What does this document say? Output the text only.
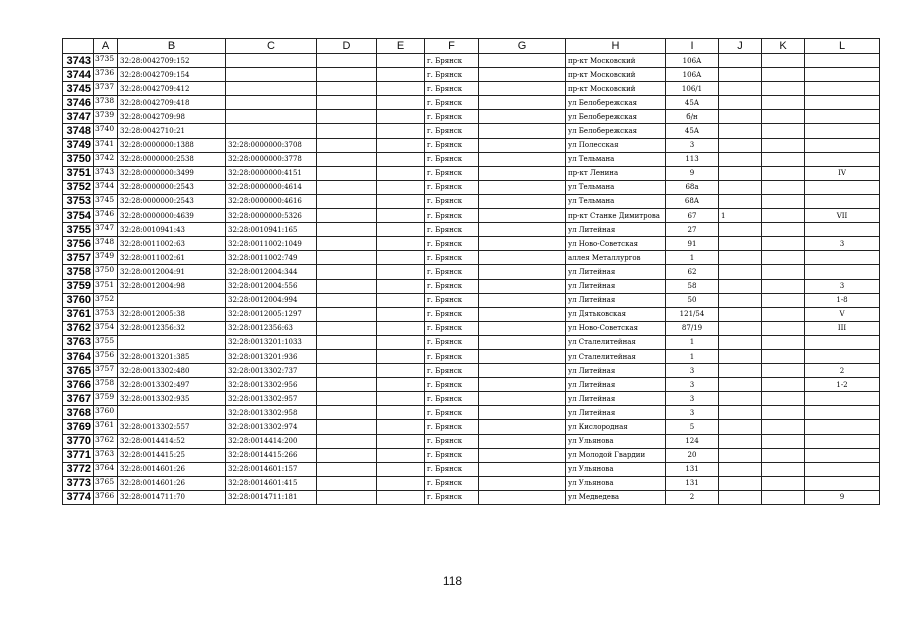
	A	B	C	D	E	F	G	H	I	J	K	L
3743	3735	32:28:0042709:152				г. Брянск		пр-кт Московский	106А			
3744	3736	32:28:0042709:154				г. Брянск		пр-кт Московский	106А			
3745	3737	32:28:0042709:412				г. Брянск		пр-кт Московский	106/1			
3746	3738	32:28:0042709:418				г. Брянск		ул Белобережская	45А			
3747	3739	32:28:0042709:98				г. Брянск		ул Белобережская	б/н			
3748	3740	32:28:0042710:21				г. Брянск		ул Белобережская	45А			
3749	3741	32:28:0000000:1388	32:28:0000000:3708			г. Брянск		ул Полесская	3			
3750	3742	32:28:0000000:2538	32:28:0000000:3778			г. Брянск		ул Тельмана	113			
3751	3743	32:28:0000000:3499	32:28:0000000:4151			г. Брянск		пр-кт Ленина	9			IV
3752	3744	32:28:0000000:2543	32:28:0000000:4614			г. Брянск		ул Тельмана	68а			
3753	3745	32:28:0000000:2543	32:28:0000000:4616			г. Брянск		ул Тельмана	68А			
3754	3746	32:28:0000000:4639	32:28:0000000:5326			г. Брянск		пр-кт Станке Димитрова	67	1		VII
3755	3747	32:28:0010941:43	32:28:0010941:165			г. Брянск		ул Литейная	27			
3756	3748	32:28:0011002:63	32:28:0011002:1049			г. Брянск		ул Ново-Советская	91			3
3757	3749	32:28:0011002:61	32:28:0011002:749			г. Брянск		аллея Металлургов	1			
3758	3750	32:28:0012004:91	32:28:0012004:344			г. Брянск		ул Литейная	62			
3759	3751	32:28:0012004:98	32:28:0012004:556			г. Брянск		ул Литейная	58			3
3760	3752		32:28:0012004:994			г. Брянск		ул Литейная	50			1-8
3761	3753	32:28:0012005:38	32:28:0012005:1297			г. Брянск		ул Дятьковская	121/54			V
3762	3754	32:28:0012356:32	32:28:0012356:63			г. Брянск		ул Ново-Советская	87/19			III
3763	3755		32:28:0013201:1033			г. Брянск		ул Сталелитейная	1			
3764	3756	32:28:0013201:385	32:28:0013201:936			г. Брянск		ул Сталелитейная	1			
3765	3757	32:28:0013302:480	32:28:0013302:737			г. Брянск		ул Литейная	3			2
3766	3758	32:28:0013302:497	32:28:0013302:956			г. Брянск		ул Литейная	3			1-2
3767	3759	32:28:0013302:935	32:28:0013302:957			г. Брянск		ул Литейная	3			
3768	3760		32:28:0013302:958			г. Брянск		ул Литейная	3			
3769	3761	32:28:0013302:557	32:28:0013302:974			г. Брянск		ул Кислородная	5			
3770	3762	32:28:0014414:52	32:28:0014414:200			г. Брянск		ул Ульянова	124			
3771	3763	32:28:0014415:25	32:28:0014415:266			г. Брянск		ул Молодой Гвардии	20			
3772	3764	32:28:0014601:26	32:28:0014601:157			г. Брянск		ул Ульянова	131			
3773	3765	32:28:0014601:26	32:28:0014601:415			г. Брянск		ул Ульянова	131			
3774	3766	32:28:0014711:70	32:28:0014711:181			г. Брянск		ул Медведева	2			9
118
